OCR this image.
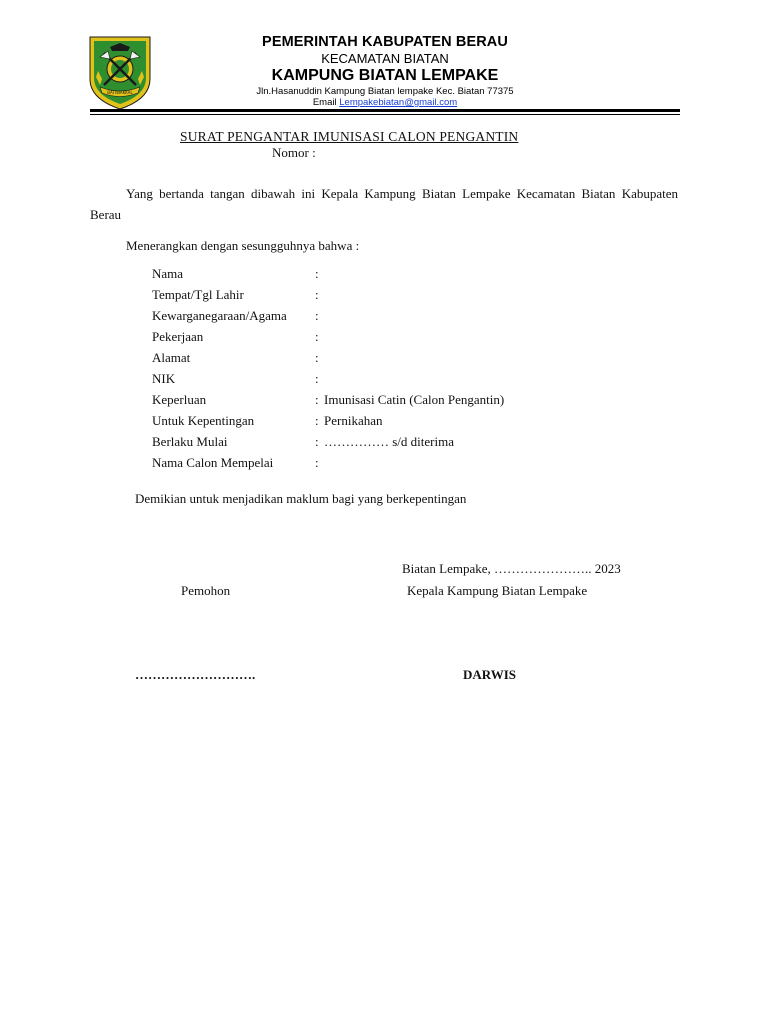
BATIWAKKAL
PEMERINTAH KABUPATEN BERAU
KECAMATAN BIATAN
KAMPUNG BIATAN LEMPAKE
Jln.Hasanuddin Kampung Biatan lempake Kec. Biatan 77375
Email Lempakebiatan@gmail.com
SURAT PENGANTAR IMUNISASI CALON PENGANTIN
Nomor :
Yang bertanda tangan dibawah ini Kepala Kampung Biatan Lempake Kecamatan Biatan Kabupaten Berau
Menerangkan dengan sesungguhnya bahwa :
Nama	:
Tempat/Tgl Lahir	:
Kewarganegaraan/Agama :
Pekerjaan	:
Alamat	:
NIK	:
Keperluan	: Imunisasi Catin (Calon Pengantin)
Untuk Kepentingan	: Pernikahan
Berlaku Mulai	: …………… s/d diterima
Nama Calon Mempelai	:
Demikian untuk menjadikan maklum bagi yang berkepentingan
Biatan Lempake, ………………….. 2023
Pemohon	Kepala Kampung Biatan Lempake
……………………….	DARWIS
